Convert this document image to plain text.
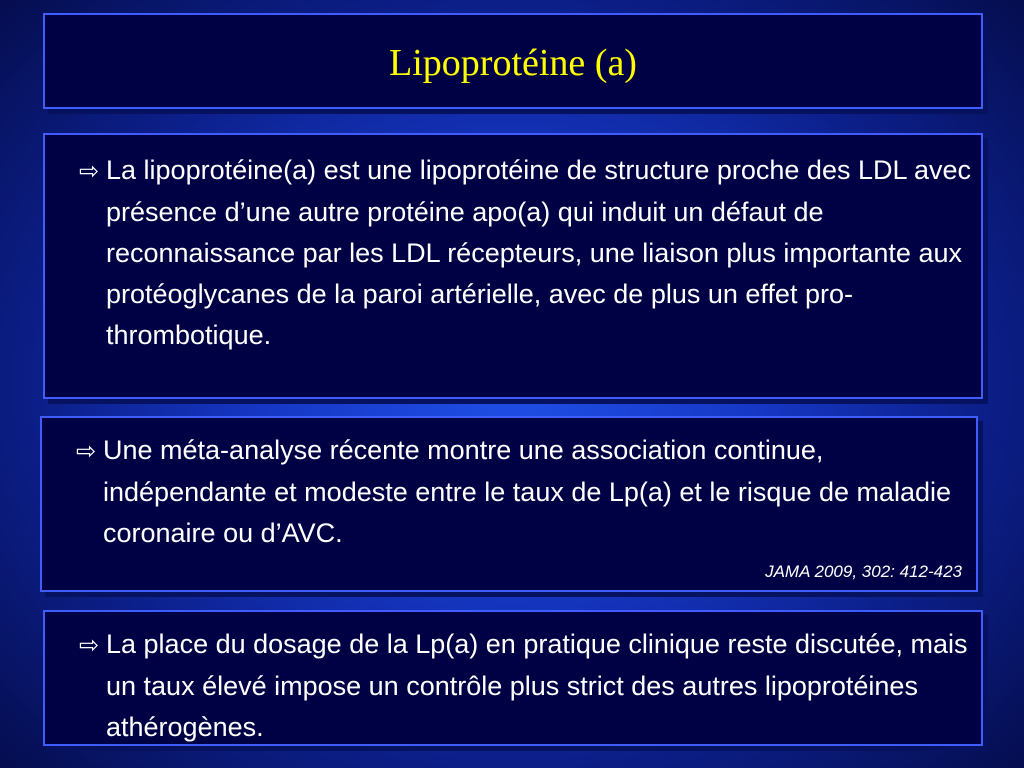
Lipoprotéine (a)
⇨ La lipoprotéine(a) est une lipoprotéine de structure proche des LDL avec présence d’une autre protéine apo(a) qui induit un défaut de reconnaissance par les LDL récepteurs, une liaison plus importante aux protéoglycanes de la paroi artérielle, avec de plus un effet pro-thrombotique.
⇨ Une méta-analyse récente montre une association continue, indépendante et modeste entre le taux de Lp(a) et le risque de maladie coronaire ou d’AVC.
JAMA 2009, 302: 412-423
⇨ La place du dosage de la Lp(a) en pratique clinique reste discutée, mais un taux élevé impose un contrôle plus strict des autres lipoprotéines athérogènes.
